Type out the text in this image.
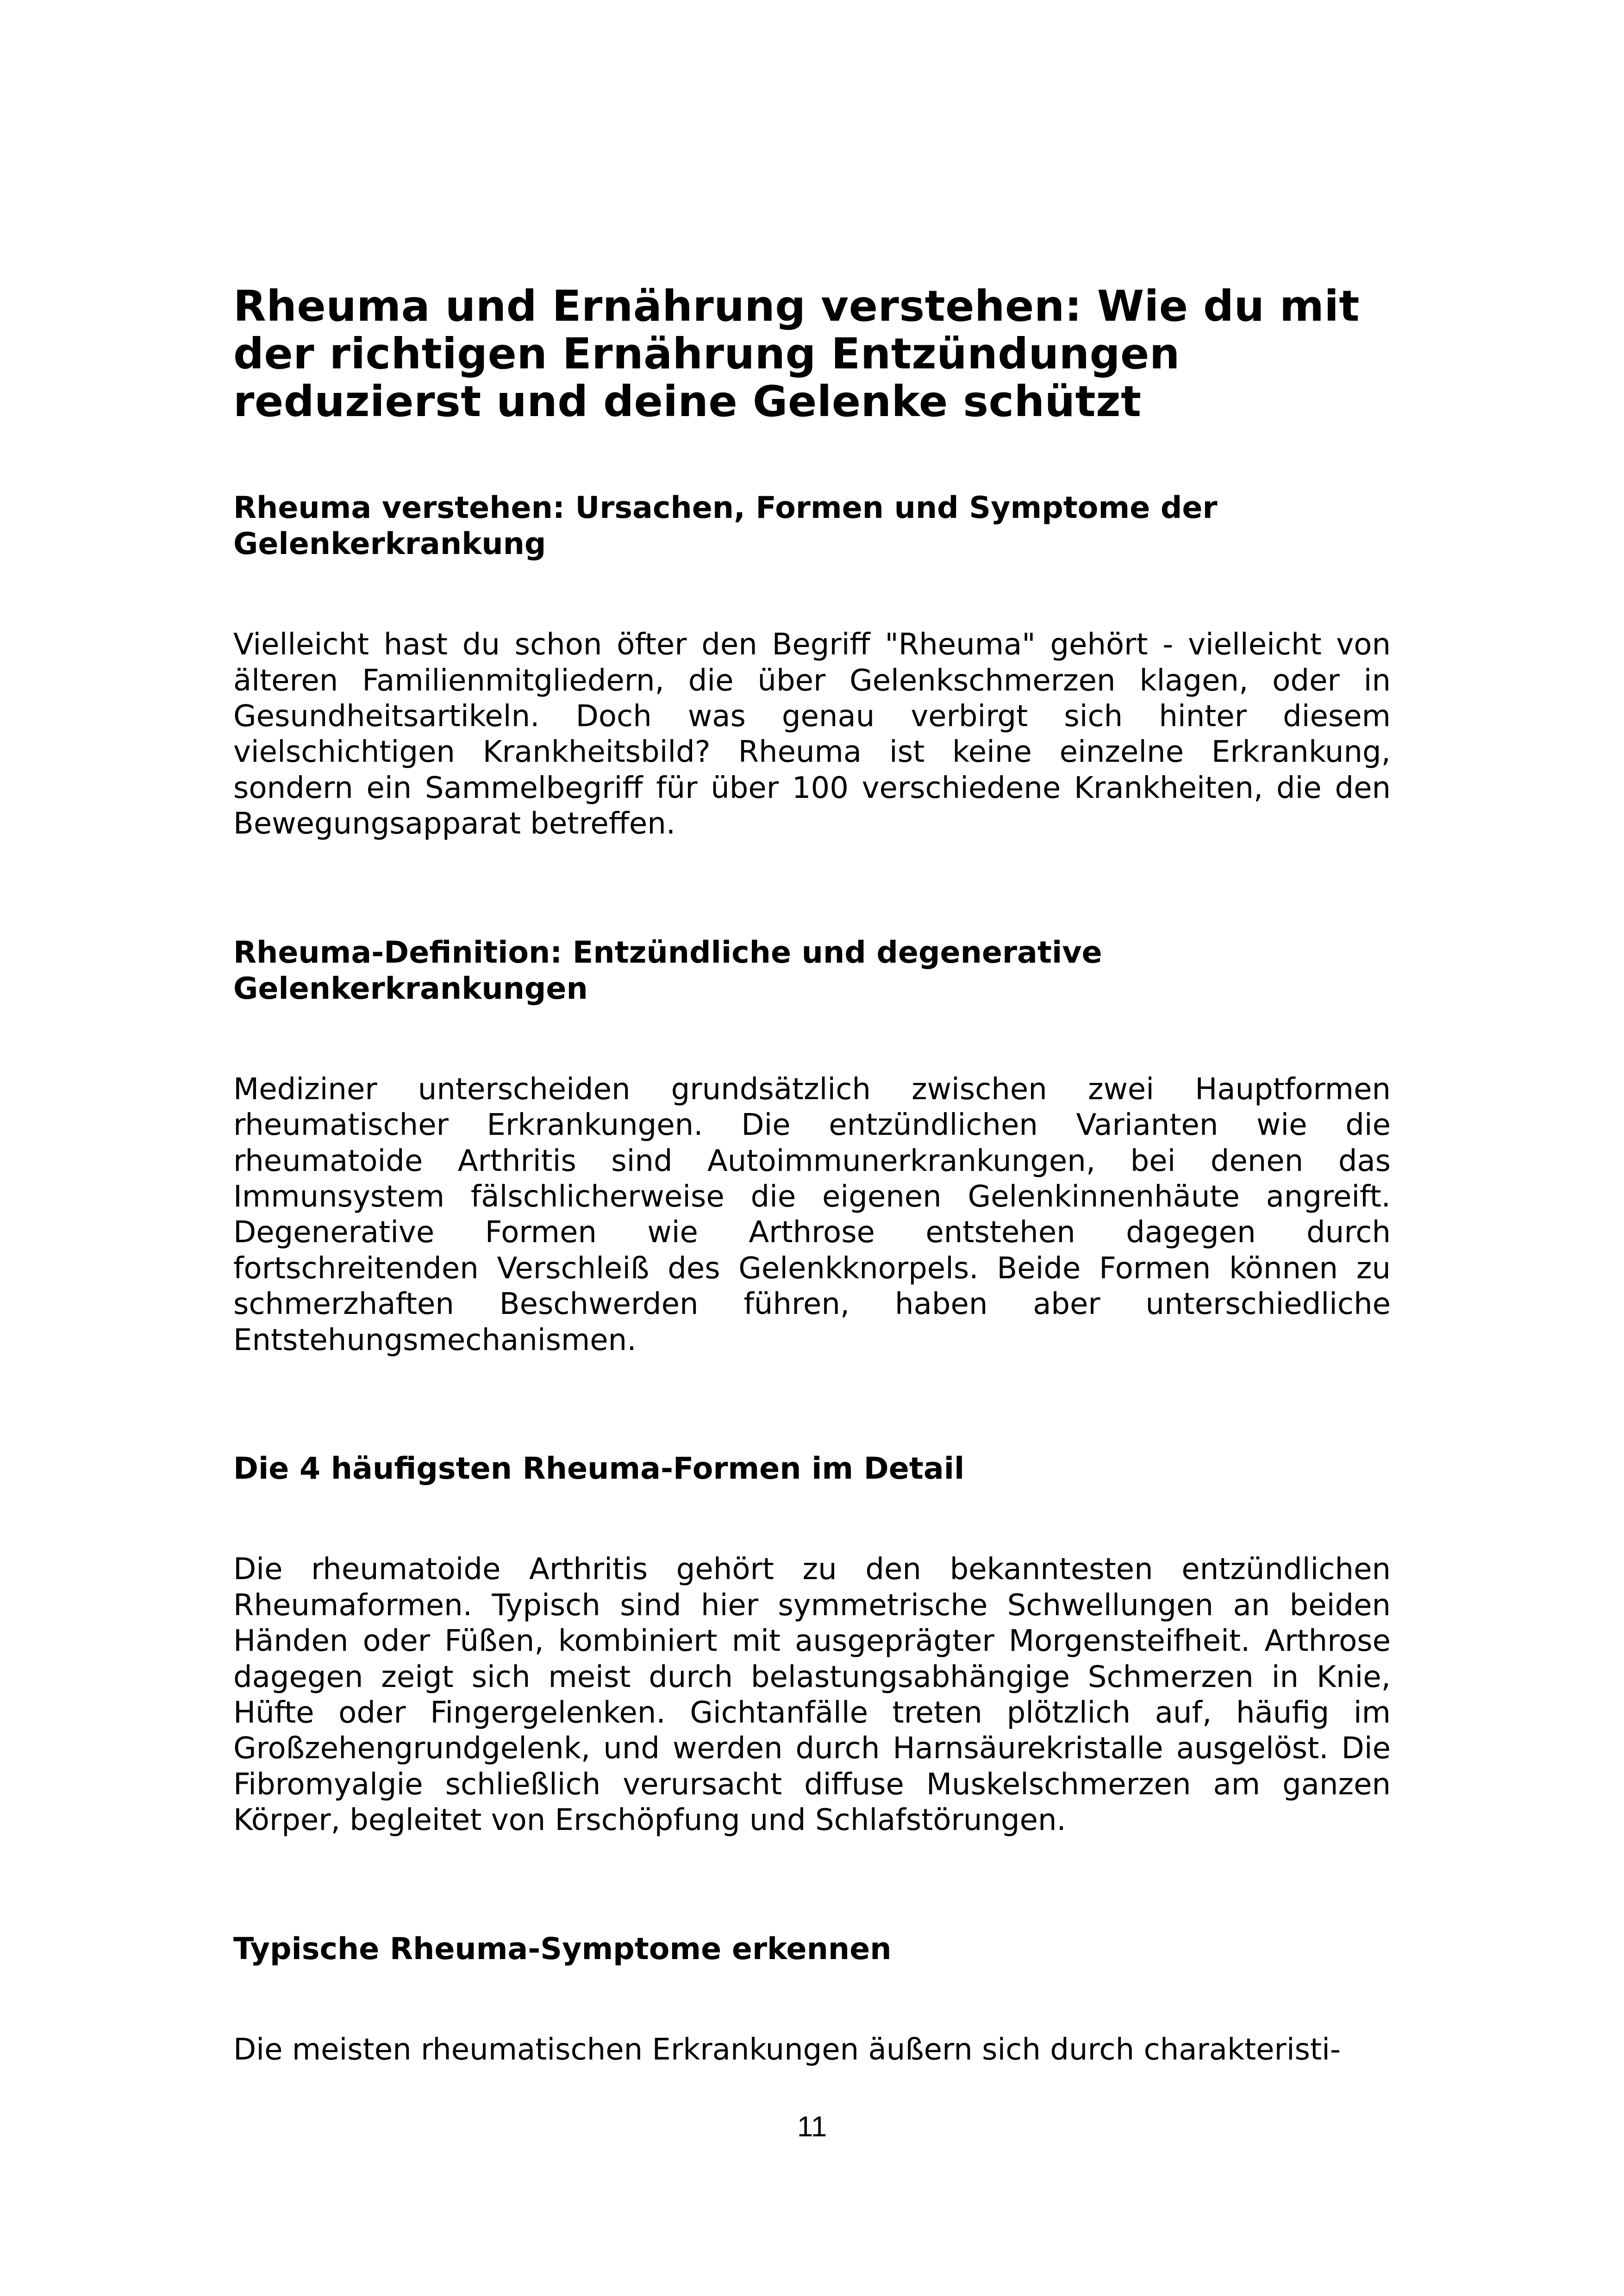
Rheuma und Ernährung verstehen: Wie du mit der richtigen Ernährung Entzündungen reduzierst und deine Gelenke schützt
Rheuma verstehen: Ursachen, Formen und Symptome der Gelenkerkrankung

Vielleicht hast du schon öfter den Begriff "Rheuma" gehört - vielleicht von älteren Familienmitgliedern, die über Gelenkschmerzen klagen, oder in Gesundheitsartikeln. Doch was genau verbirgt sich hinter diesem vielschichtigen Krankheitsbild? Rheuma ist keine einzelne Erkrankung, sondern ein Sammelbegriff für über 100 verschiedene Krankheiten, die den Bewegungsapparat betreffen.

Rheuma-Definition: Entzündliche und degenerative Gelenkerkrankungen

Mediziner unterscheiden grundsätzlich zwischen zwei Hauptformen rheumatischer Erkrankungen. Die entzündlichen Varianten wie die rheumatoide Arthritis sind Autoimmunerkrankungen, bei denen das Immunsystem fälschlicherweise die eigenen Gelenkinnenhäute angreift. Degenerative Formen wie Arthrose entstehen dagegen durch fortschreitenden Verschleiß des Gelenkknorpels. Beide Formen können zu schmerzhaften Beschwerden führen, haben aber unterschiedliche Entstehungsmechanismen.

Die 4 häufigsten Rheuma-Formen im Detail

Die rheumatoide Arthritis gehört zu den bekanntesten entzündlichen Rheumaformen. Typisch sind hier symmetrische Schwellungen an beiden Händen oder Füßen, kombiniert mit ausgeprägter Morgensteifheit. Arthrose dagegen zeigt sich meist durch belastungsabhängige Schmerzen in Knie, Hüfte oder Fingergelenken. Gichtanfälle treten plötzlich auf, häufig im Großzehengrundgelenk, und werden durch Harnsäurekristalle ausgelöst. Die Fibromyalgie schließlich verursacht diffuse Muskelschmerzen am ganzen Körper, begleitet von Erschöpfung und Schlafstörungen.

Typische Rheuma-Symptome erkennen

Die meisten rheumatischen Erkrankungen äußern sich durch charakteristi-

11
